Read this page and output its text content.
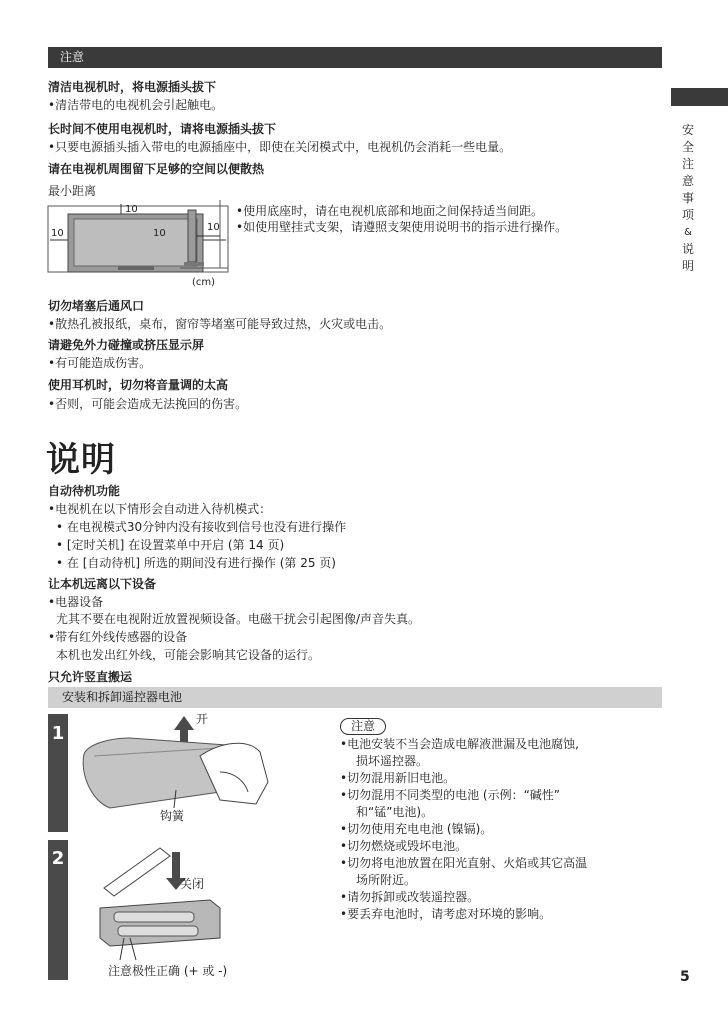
注意
清洁电视机时，将电源插头拔下
•清洁带电的电视机会引起触电。
长时间不使用电视机时，请将电源插头拔下
•只要电源插头插入带电的电源插座中，即使在关闭模式中，电视机仍会消耗一些电量。
请在电视机周围留下足够的空间以便散热
最小距离
10
10	10
10
(cm)
•使用底座时，请在电视机底部和地面之间保持适当间距。
•如使用壁挂式支架，请遵照支架使用说明书的指示进行操作。
切勿堵塞后通风口
•散热孔被报纸，桌布，窗帘等堵塞可能导致过热，火灾或电击。
请避免外力碰撞或挤压显示屏
•有可能造成伤害。
使用耳机时，切勿将音量调的太高
•否则，可能会造成无法挽回的伤害。
安
全
注
意
事
项
&
说
明
说明
自动待机功能
•电视机在以下情形会自动进入待机模式：
• 在电视模式30分钟内没有接收到信号也没有进行操作
• [定时关机] 在设置菜单中开启 (第 14 页)
• 在 [自动待机] 所选的期间没有进行操作 (第 25 页)
让本机远离以下设备
•电器设备
尤其不要在电视附近放置视频设备。电磁干扰会引起图像/声音失真。
•带有红外线传感器的设备
本机也发出红外线，可能会影响其它设备的运行。
只允许竖直搬运
安装和拆卸遥控器电池
1
开
钩簧
2
关闭
注意极性正确 (+ 或 -)
注意
•电池安装不当会造成电解液泄漏及电池腐蚀,
损坏遥控器。
•切勿混用新旧电池。
•切勿混用不同类型的电池 (示例：“碱性”
和“锰”电池)。
•切勿使用充电电池 (镍镉)。
•切勿燃烧或毁坏电池。
•切勿将电池放置在阳光直射、火焰或其它高温
场所附近。
•请勿拆卸或改装遥控器。
•要丢弃电池时，请考虑对环境的影响。
5
